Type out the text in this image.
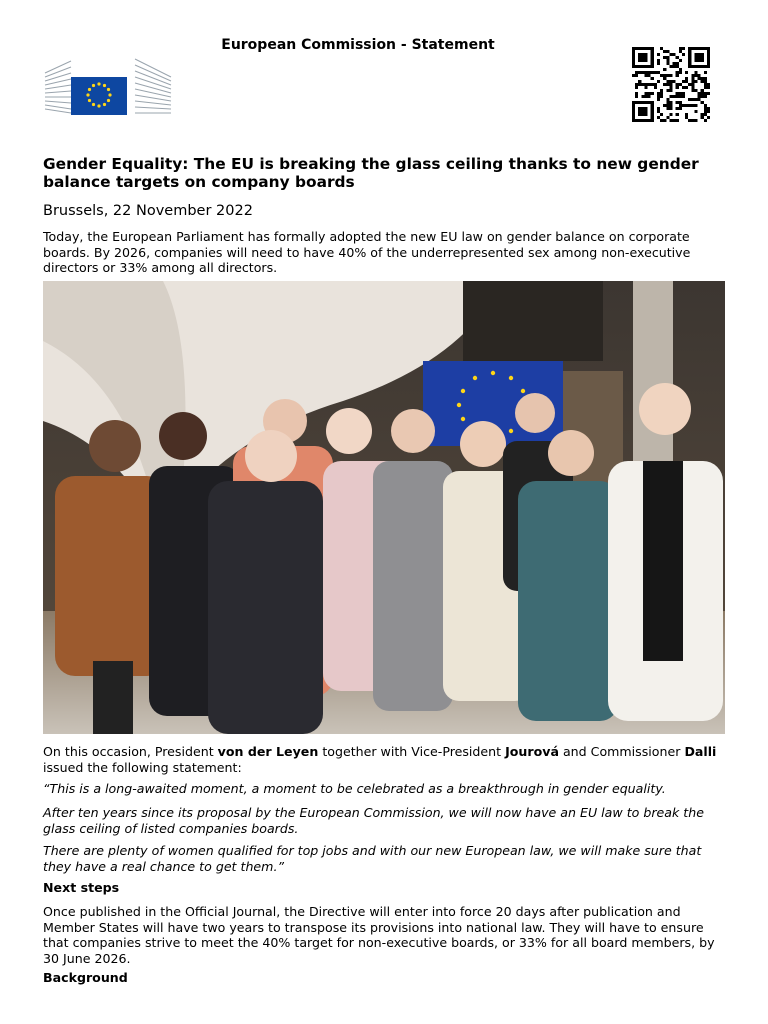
European Commission - Statement
Gender Equality: The EU is breaking the glass ceiling thanks to new gender balance targets on company boards
Brussels, 22 November 2022
Today, the European Parliament has formally adopted the new EU law on gender balance on corporate boards. By 2026, companies will need to have 40% of the underrepresented sex among non-executive directors or 33% among all directors.
On this occasion, President von der Leyen together with Vice-President Jourová and Commissioner Dalli issued the following statement:
“This is a long-awaited moment, a moment to be celebrated as a breakthrough in gender equality.
After ten years since its proposal by the European Commission, we will now have an EU law to break the glass ceiling of listed companies boards.
There are plenty of women qualified for top jobs and with our new European law, we will make sure that they have a real chance to get them.”
Next steps
Once published in the Official Journal, the Directive will enter into force 20 days after publication and Member States will have two years to transpose its provisions into national law. They will have to ensure that companies strive to meet the 40% target for non-executive boards, or 33% for all board members, by 30 June 2026.
Background
